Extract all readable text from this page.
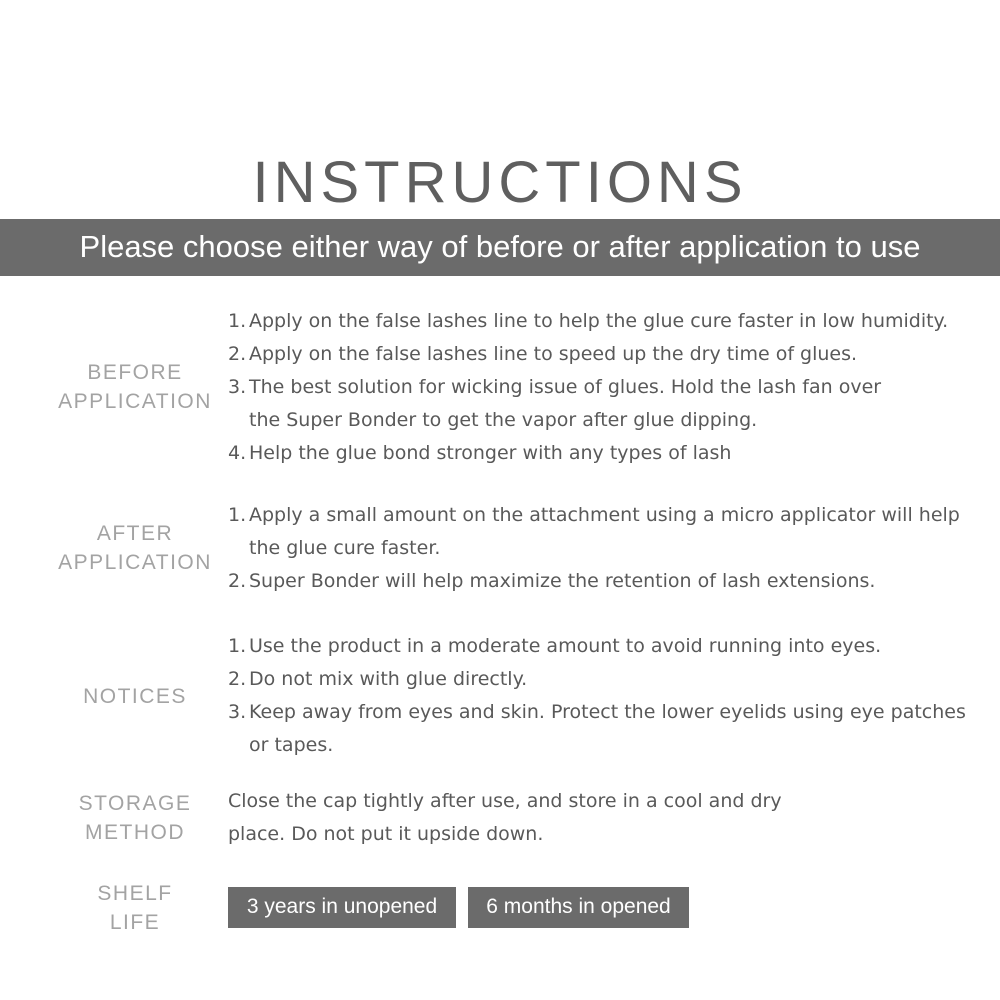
INSTRUCTIONS
Please choose either way of before or after application to use
BEFORE
APPLICATION
1. Apply on the false lashes line to help the glue cure faster in low humidity.
2. Apply on the false lashes line to speed up the dry time of glues.
3. The best solution for wicking issue of glues. Hold the lash fan over the Super Bonder to get the vapor after glue dipping.
4. Help the glue bond stronger with any types of lash
AFTER
APPLICATION
1. Apply a small amount on the attachment using a micro applicator will help the glue cure faster.
2. Super Bonder will help maximize the retention of lash extensions.
NOTICES
1. Use the product in a moderate amount to avoid running into eyes.
2. Do not mix with glue directly.
3. Keep away from eyes and skin. Protect the lower eyelids using eye patches or tapes.
STORAGE
METHOD
Close the cap tightly after use, and store in a cool and dry place. Do not put it upside down.
SHELF
LIFE
3 years in unopened	6 months in opened
